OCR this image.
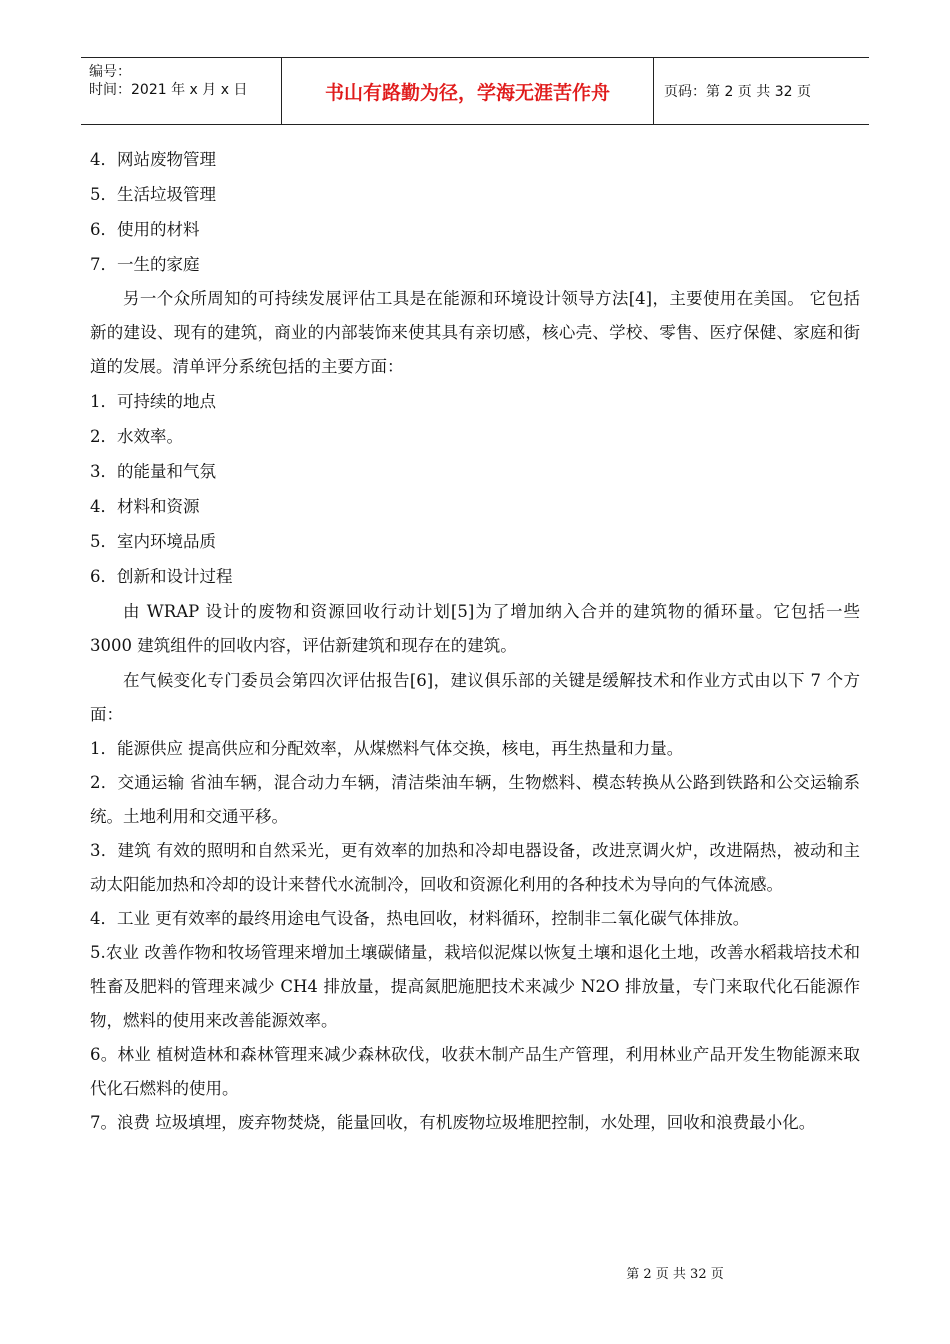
编号：
时间：2021 年 x 月 x 日	书山有路勤为径，学海无涯苦作舟	页码：第 2 页 共 32 页
4．网站废物管理
5．生活垃圾管理
6．使用的材料
7．一生的家庭

另一个众所周知的可持续发展评估工具是在能源和环境设计领导方法[4]，主要使用在美国。 它包括新的建设、现有的建筑，商业的内部装饰来使其具有亲切感，核心壳、学校、零售、医疗保健、家庭和街道的发展。清单评分系统包括的主要方面：

1．可持续的地点
2．水效率。
3．的能量和气氛
4．材料和资源
5．室内环境品质
6．创新和设计过程

由 WRAP 设计的废物和资源回收行动计划[5]为了增加纳入合并的建筑物的循环量。它包括一些 3000 建筑组件的回收内容，评估新建筑和现存在的建筑。

在气候变化专门委员会第四次评估报告[6]，建议俱乐部的关键是缓解技术和作业方式由以下 7 个方面：

1．能源供应 提高供应和分配效率，从煤燃料气体交换，核电，再生热量和力量。

2．交通运输 省油车辆，混合动力车辆，清洁柴油车辆，生物燃料、模态转换从公路到铁路和公交运输系统。土地利用和交通平移。

3．建筑 有效的照明和自然采光，更有效率的加热和冷却电器设备，改进烹调火炉，改进隔热，被动和主动太阳能加热和冷却的设计来替代水流制冷，回收和资源化利用的各种技术为导向的气体流感。

4．工业 更有效率的最终用途电气设备，热电回收，材料循环，控制非二氧化碳气体排放。

5.农业 改善作物和牧场管理来增加土壤碳储量，栽培似泥煤以恢复土壤和退化土地，改善水稻栽培技术和牲畜及肥料的管理来减少 CH4 排放量，提高氮肥施肥技术来减少 N2O 排放量，专门来取代化石能源作物，燃料的使用来改善能源效率。

6。林业 植树造林和森林管理来减少森林砍伐，收获木制产品生产管理，利用林业产品开发生物能源来取代化石燃料的使用。

7。浪费 垃圾填埋，废弃物焚烧，能量回收，有机废物垃圾堆肥控制，水处理，回收和浪费最小化。

第 2 页 共 32 页
